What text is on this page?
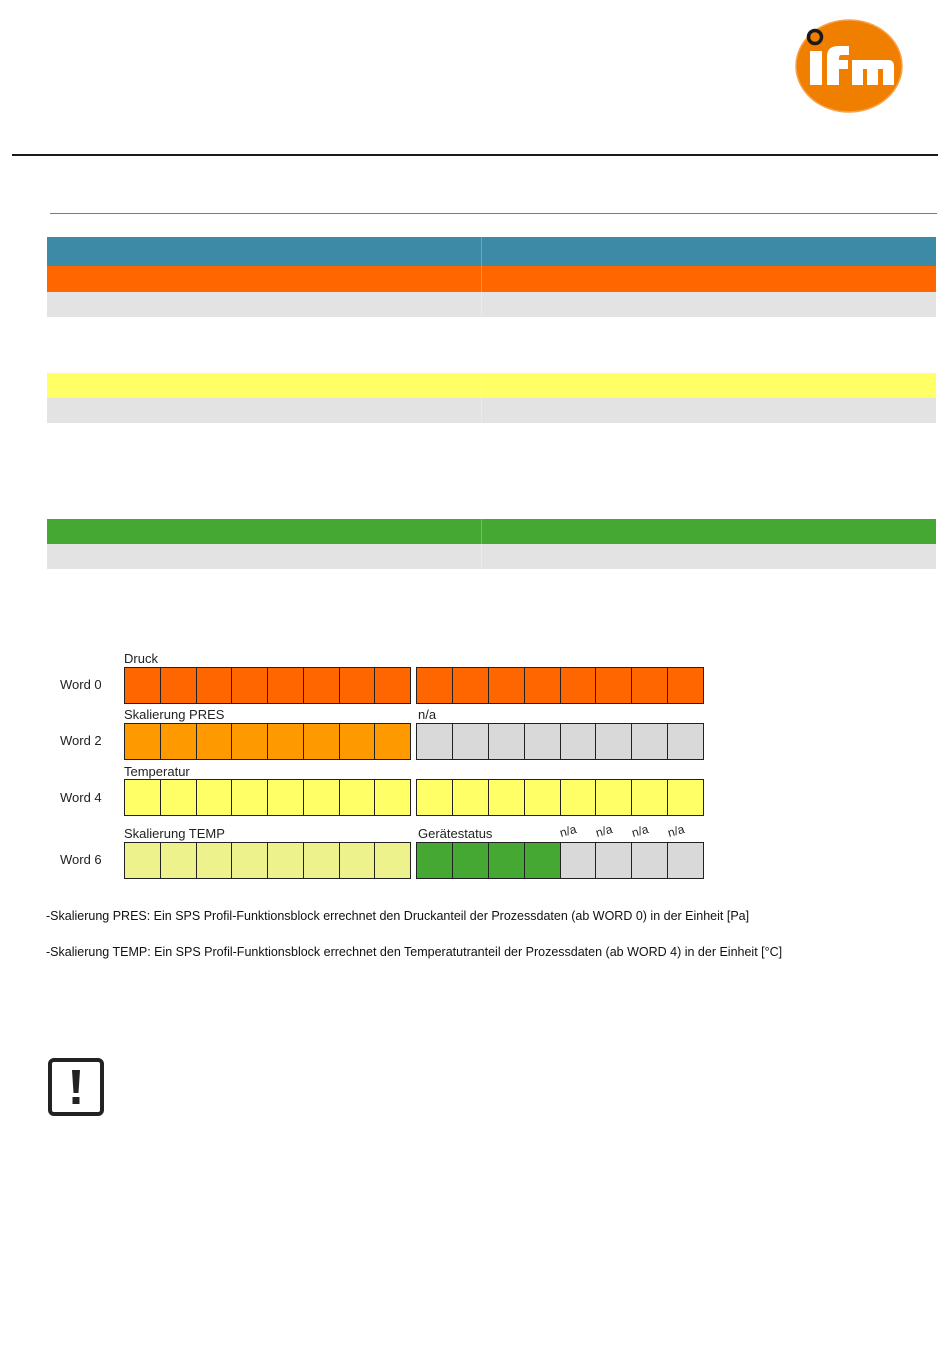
Druck
Word 0
Skalierung PRES	n/a
Word 2
Temperatur
Word 4
Skalierung TEMP	Gerätestatus	n/a n/a n/a n/a
Word 6
-Skalierung PRES: Ein SPS Profil-Funktionsblock errechnet den Druckanteil der Prozessdaten (ab WORD 0) in der Einheit [Pa]
-Skalierung TEMP: Ein SPS Profil-Funktionsblock errechnet den Temperatutranteil der Prozessdaten (ab WORD 4) in der Einheit [°C]
